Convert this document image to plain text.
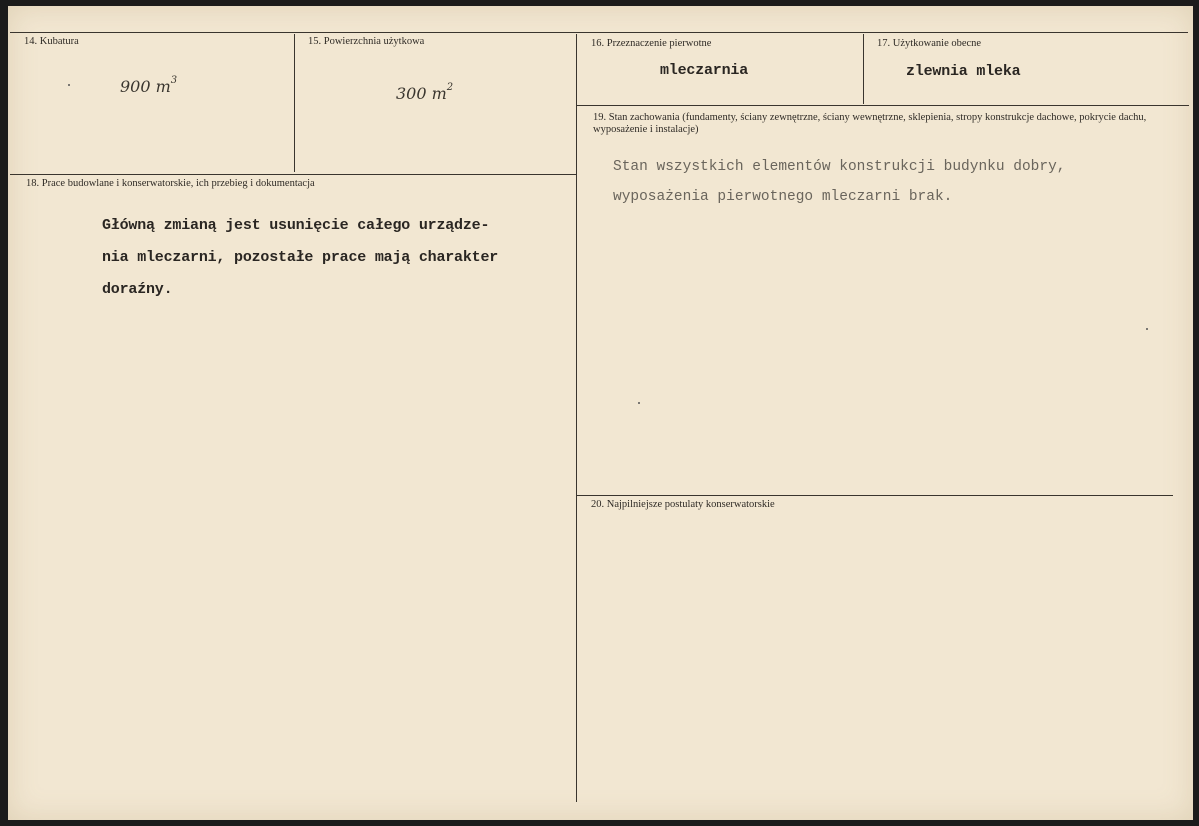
14. Kubatura
900 $m^3$
15. Powierzchnia użytkowa
300 $m^2$
16. Przeznaczenie pierwotne
mleczarnia
17. Użytkowanie obecne
zlewnia mleka
19. Stan zachowania (fundamenty, ściany zewnętrzne, ściany wewnętrzne, sklepienia, stropy konstrukcje dachowe, pokrycie dachu, wyposażenie i instalacje)
Stan wszystkich elementów konstrukcji budynku dobry,
wyposażenia pierwotnego mleczarni brak.
18. Prace budowlane i konserwatorskie, ich przebieg i dokumentacja
Główną zmianą jest usunięcie całego urządze-
nia mleczarni, pozostałe prace mają charakter
doraźny.
20. Najpilniejsze postulaty konserwatorskie
